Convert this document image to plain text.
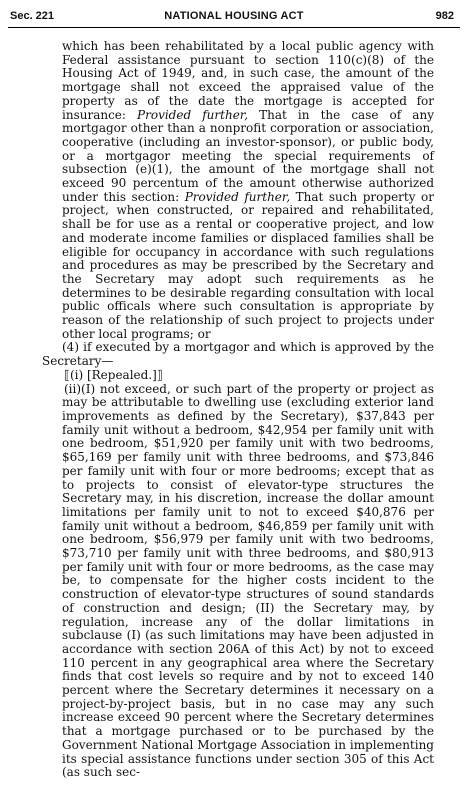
Sec. 221	NATIONAL HOUSING ACT	982

which has been rehabilitated by a local public agency with Federal assistance pursuant to section 110(c)(8) of the Housing Act of 1949, and, in such case, the amount of the mortgage shall not exceed the appraised value of the property as of the date the mortgage is accepted for insurance: Provided further, That in the case of any mortgagor other than a nonprofit corporation or association, cooperative (including an investor-sponsor), or public body, or a mortgagor meeting the special requirements of subsection (e)(1), the amount of the mortgage shall not exceed 90 percentum of the amount otherwise authorized under this section: Provided further, That such property or project, when constructed, or repaired and rehabilitated, shall be for use as a rental or cooperative project, and low and moderate income families or displaced families shall be eligible for occupancy in accordance with such regulations and procedures as may be prescribed by the Secretary and the Secretary may adopt such requirements as he determines to be desirable regarding consultation with local public officals where such consultation is appropriate by reason of the relationship of such project to projects under other local programs; or

(4) if executed by a mortgagor and which is approved by the Secretary—

⟦(i) [Repealed.]⟧

(ii)(I) not exceed, or such part of the property or project as may be attributable to dwelling use (excluding exterior land improvements as defined by the Secretary), $37,843 per family unit without a bedroom, $42,954 per family unit with one bedroom, $51,920 per family unit with two bedrooms, $65,169 per family unit with three bedrooms, and $73,846 per family unit with four or more bedrooms; except that as to projects to consist of elevator-type structures the Secretary may, in his discretion, increase the dollar amount limitations per family unit to not to exceed $40,876 per family unit without a bedroom, $46,859 per family unit with one bedroom, $56,979 per family unit with two bedrooms, $73,710 per family unit with three bedrooms, and $80,913 per family unit with four or more bedrooms, as the case may be, to compensate for the higher costs incident to the construction of elevator-type structures of sound standards of construction and design; (II) the Secretary may, by regulation, increase any of the dollar limitations in subclause (I) (as such limitations may have been adjusted in accordance with section 206A of this Act) by not to exceed 110 percent in any geographical area where the Secretary finds that cost levels so require and by not to exceed 140 percent where the Secretary determines it necessary on a project-by-project basis, but in no case may any such increase exceed 90 percent where the Secretary determines that a mortgage purchased or to be purchased by the Government National Mortgage Association in implementing its special assistance functions under section 305 of this Act (as such sec-
